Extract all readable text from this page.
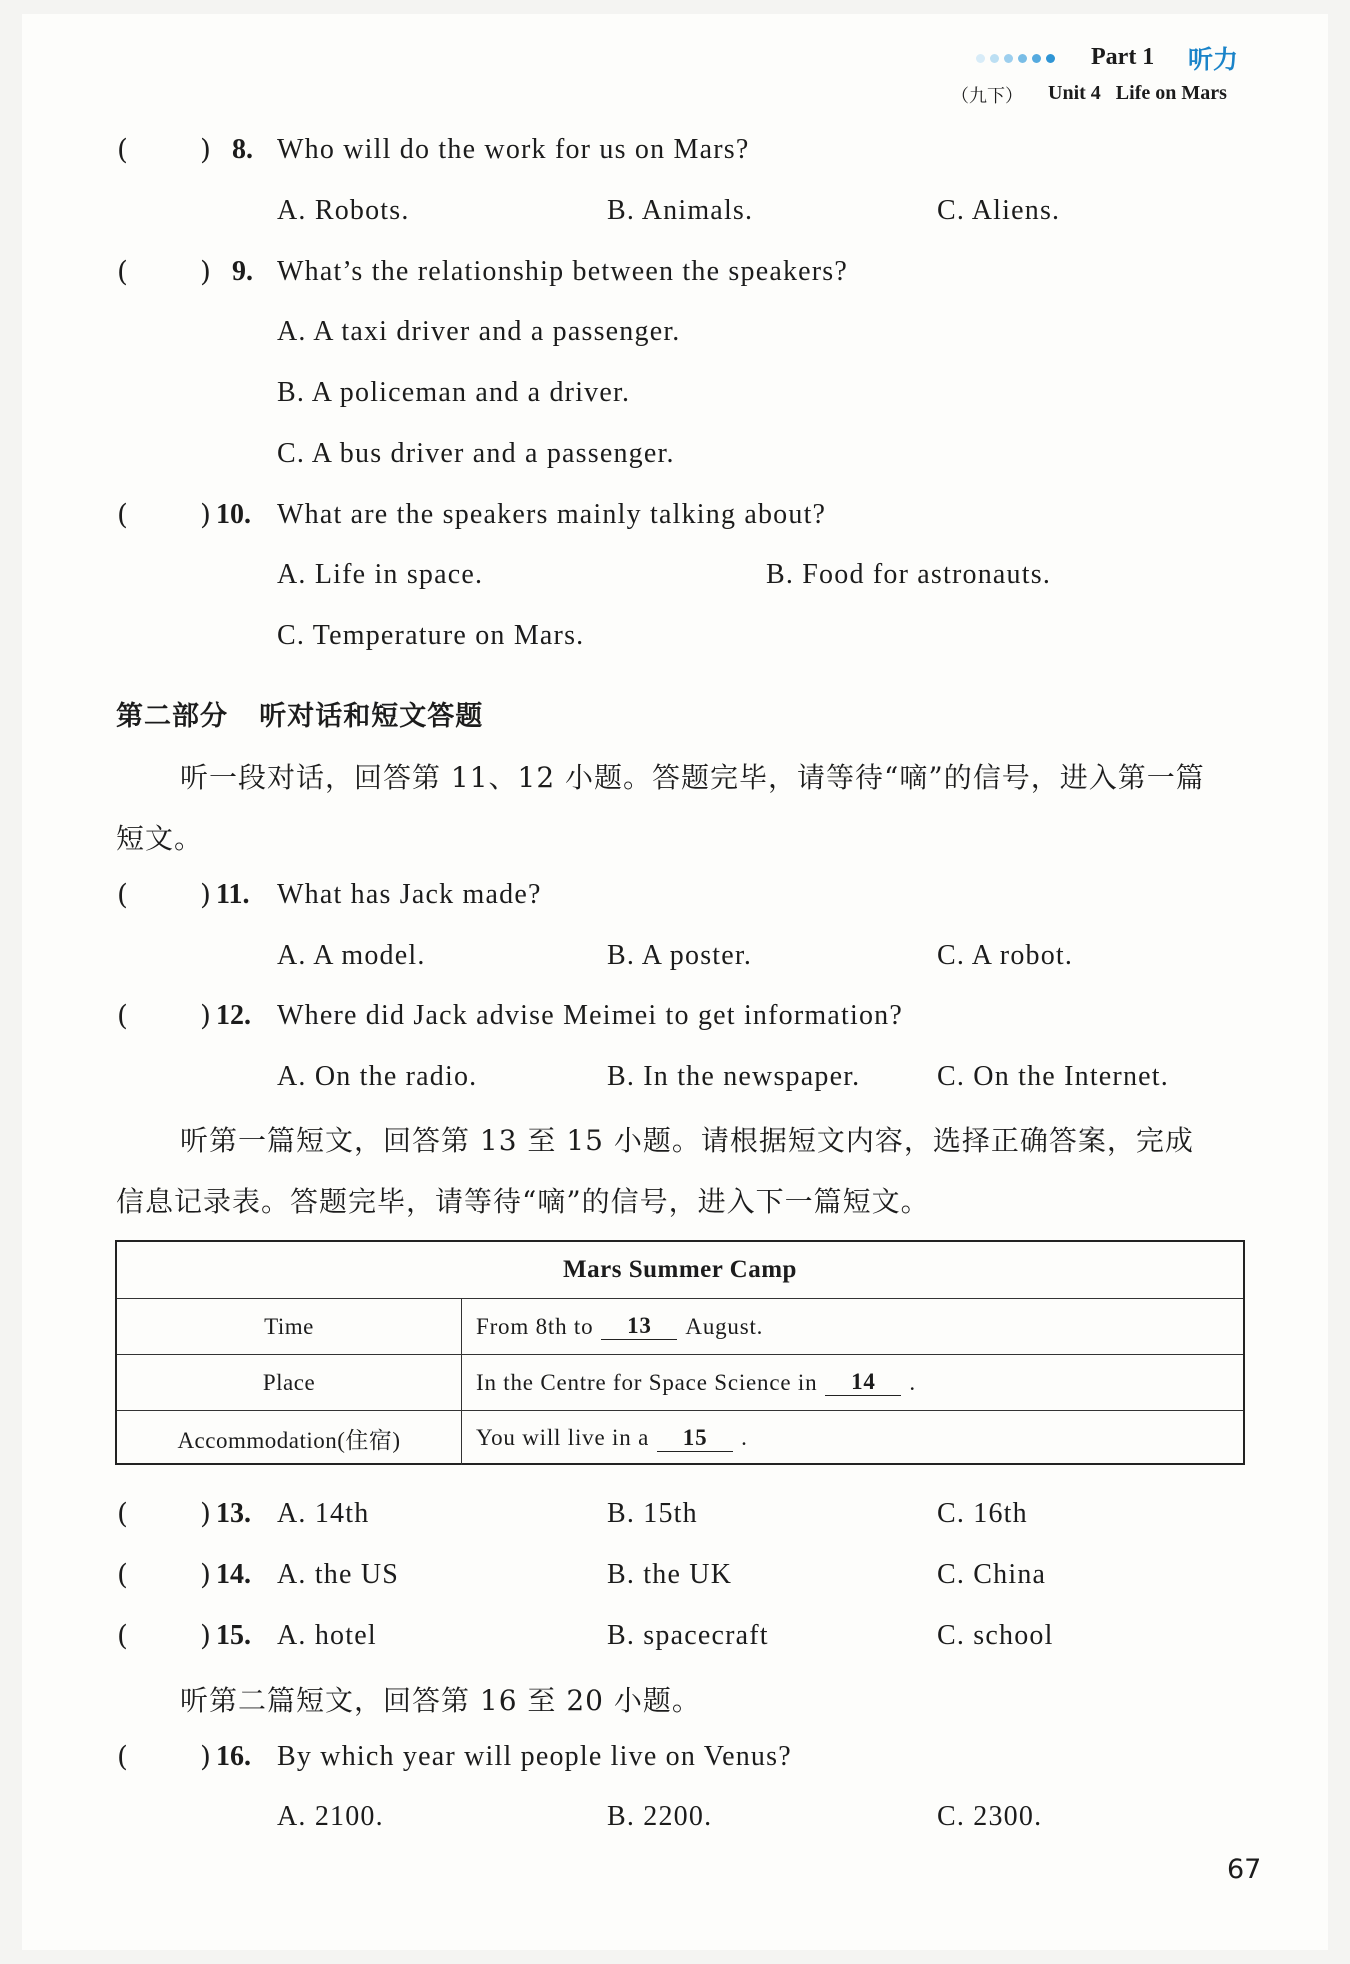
Part 1 听力
（九下） Unit 4 Life on Mars
(	) 8. Who will do the work for us on Mars?
A. Robots.	B. Animals.	C. Aliens.
(	) 9. What’s the relationship between the speakers?
A. A taxi driver and a passenger.
B. A policeman and a driver.
C. A bus driver and a passenger.
(	) 10. What are the speakers mainly talking about?
A. Life in space.	B. Food for astronauts.
C. Temperature on Mars.
第二部分 听对话和短文答题
听一段对话，回答第 11、12 小题。答题完毕，请等待“嘀”的信号，进入第一篇
短文。
(	) 11. What has Jack made?
A. A model.	B. A poster.	C. A robot.
(	) 12. Where did Jack advise Meimei to get information?
A. On the radio.	B. In the newspaper.	C. On the Internet.
听第一篇短文，回答第 13 至 15 小题。请根据短文内容，选择正确答案，完成
信息记录表。答题完毕，请等待“嘀”的信号，进入下一篇短文。
Mars Summer Camp
Time	From 8th to	13	August.
Place	In the Centre for Space Science in	14	.
Accommodation(住宿)	You will live in a	15	.
(	) 13. A. 14th	B. 15th	C. 16th
(	) 14. A. the US	B. the UK	C. China
(	) 15. A. hotel	B. spacecraft	C. school
听第二篇短文，回答第 16 至 20 小题。
(	) 16. By which year will people live on Venus?
A. 2100.	B. 2200.	C. 2300.
67
